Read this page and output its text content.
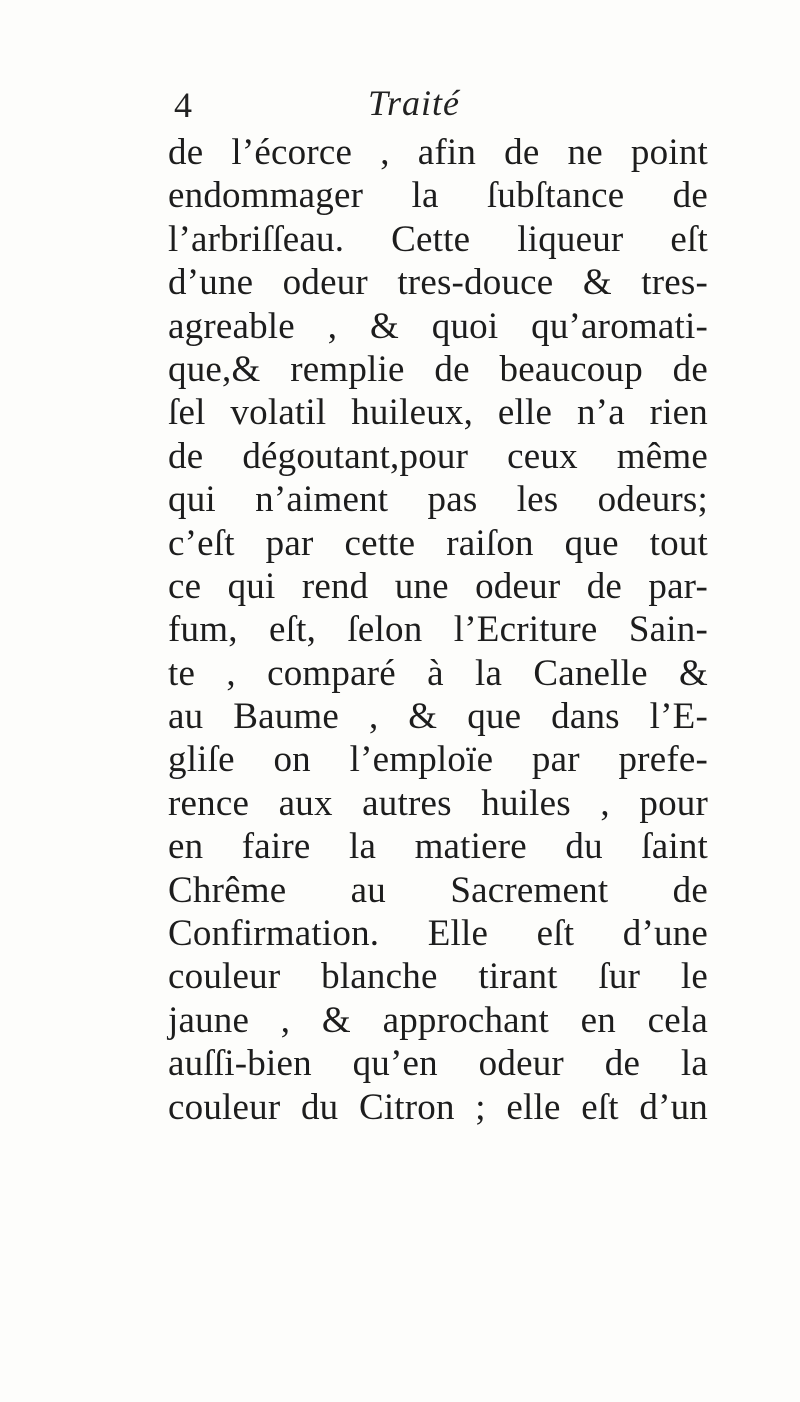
4	Traité
de l’écorce , afin de ne point
endommager la ſubſtance de
l’arbriſſeau. Cette liqueur eſt
d’une odeur tres-douce & tres-
agreable , & quoi qu’aromati-
que,& remplie de beaucoup de
ſel volatil huileux, elle n’a rien
de dégoutant,pour ceux même
qui n’aiment pas les odeurs;
c’eſt par cette raiſon que tout
ce qui rend une odeur de par-
fum, eſt, ſelon l’Ecriture Sain-
te , comparé à la Canelle &
au Baume , & que dans l’E-
gliſe on l’emploïe par prefe-
rence aux autres huiles , pour
en faire la matiere du ſaint
Chrême au Sacrement de
Confirmation. Elle eſt d’une
couleur blanche tirant ſur le
jaune , & approchant en cela
auſſi-bien qu’en odeur de la
couleur du Citron ; elle eſt d’un
